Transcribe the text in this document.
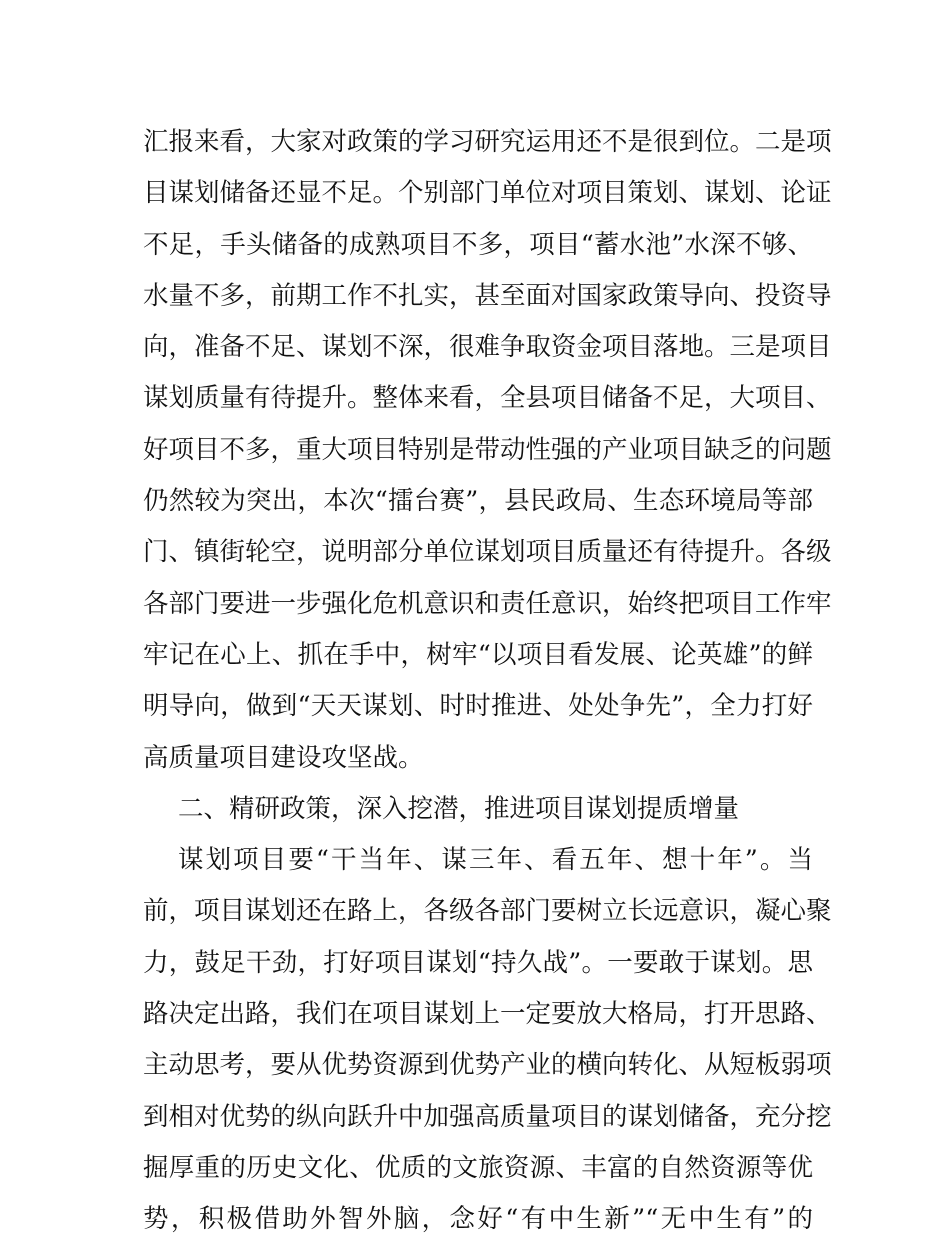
汇报来看，大家对政策的学习研究运用还不是很到位。二是项
目谋划储备还显不足。个别部门单位对项目策划、谋划、论证
不足，手头储备的成熟项目不多，项目“蓄水池”水深不够、
水量不多，前期工作不扎实，甚至面对国家政策导向、投资导
向，准备不足、谋划不深，很难争取资金项目落地。三是项目
谋划质量有待提升。整体来看，全县项目储备不足，大项目、
好项目不多，重大项目特别是带动性强的产业项目缺乏的问题
仍然较为突出，本次“擂台赛”，县民政局、生态环境局等部
门、镇街轮空，说明部分单位谋划项目质量还有待提升。各级
各部门要进一步强化危机意识和责任意识，始终把项目工作牢
牢记在心上、抓在手中，树牢“以项目看发展、论英雄”的鲜
明导向，做到“天天谋划、时时推进、处处争先”，全力打好
高质量项目建设攻坚战。
二、精研政策，深入挖潜，推进项目谋划提质增量
谋划项目要“干当年、谋三年、看五年、想十年”。当
前，项目谋划还在路上，各级各部门要树立长远意识，凝心聚
力，鼓足干劲，打好项目谋划“持久战”。一要敢于谋划。思
路决定出路，我们在项目谋划上一定要放大格局，打开思路、
主动思考，要从优势资源到优势产业的横向转化、从短板弱项
到相对优势的纵向跃升中加强高质量项目的谋划储备，充分挖
掘厚重的历史文化、优质的文旅资源、丰富的自然资源等优
势，积极借助外智外脑，念好“有中生新”“无中生有”的
